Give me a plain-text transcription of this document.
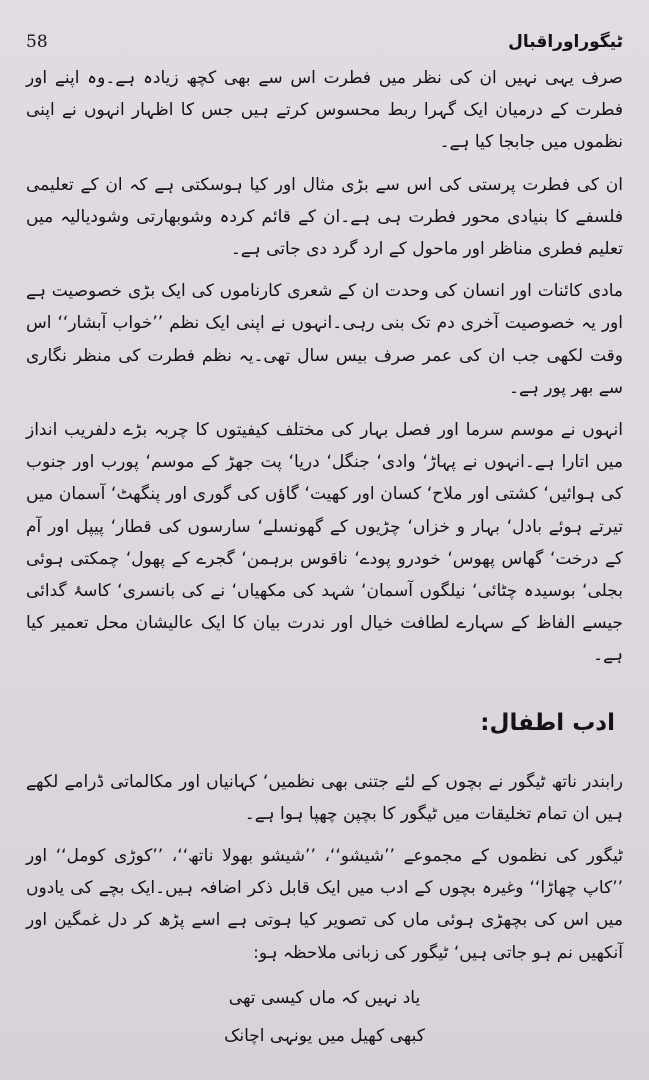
58	ٹیگوراوراقبال

صرف یہی نہیں ان کی نظر میں فطرت اس سے بھی کچھ زیادہ ہے۔وہ اپنے اور فطرت کے درمیان ایک گہرا ربط محسوس کرتے ہیں جس کا اظہار انہوں نے اپنی نظموں میں جابجا کیا ہے۔

ان کی فطرت پرستی کی اس سے بڑی مثال اور کیا ہوسکتی ہے کہ ان کے تعلیمی فلسفے کا بنیادی محور فطرت ہی ہے۔ان کے قائم کردہ وشوبھارتی وشودیالیہ میں تعلیم فطری مناظر اور ماحول کے ارد گرد دی جاتی ہے۔

مادی کائنات اور انسان کی وحدت ان کے شعری کارناموں کی ایک بڑی خصوصیت ہے اور یہ خصوصیت آخری دم تک بنی رہی۔انہوں نے اپنی ایک نظم ’’خواب آبشار‘‘ اس وقت لکھی جب ان کی عمر صرف بیس سال تھی۔یہ نظم فطرت کی منظر نگاری سے بھر پور ہے۔

انہوں نے موسم سرما اور فصل بہار کی مختلف کیفیتوں کا چربہ بڑے دلفریب انداز میں اتارا ہے۔انہوں نے پہاڑ‘ وادی‘ جنگل‘ دریا‘ پت جھڑ کے موسم‘ پورب اور جنوب کی ہوائیں‘ کشتی اور ملاح‘ کسان اور کھیت‘ گاؤں کی گوری اور پنگھٹ‘ آسمان میں تیرتے ہوئے بادل‘ بہار و خزاں‘ چڑیوں کے گھونسلے‘ سارسوں کی قطار‘ پیپل اور آم کے درخت‘ گھاس پھوس‘ خودرو پودے‘ ناقوس برہمن‘ گجرے کے پھول‘ چمکتی ہوئی بجلی‘ بوسیدہ چٹائی‘ نیلگوں آسمان‘ شہد کی مکھیاں‘ نے کی بانسری‘ کاسۂ گدائی جیسے الفاظ کے سہارے لطافت خیال اور ندرت بیان کا ایک عالیشان محل تعمیر کیا ہے۔

ادب اطفال:

رابندر ناتھ ٹیگور نے بچوں کے لئے جتنی بھی نظمیں‘ کہانیاں اور مکالماتی ڈرامے لکھے ہیں ان تمام تخلیقات میں ٹیگور کا بچپن چھپا ہوا ہے۔

ٹیگور کی نظموں کے مجموعے ’’شیشو‘‘، ’’شیشو بھولا ناتھ‘‘، ’’کوڑی کومل‘‘ اور ’’کاپ چھاڑا‘‘ وغیرہ بچوں کے ادب میں ایک قابل ذکر اضافہ ہیں۔ایک بچے کی یادوں میں اس کی بچھڑی ہوئی ماں کی تصویر کیا ہوتی ہے اسے پڑھ کر دل غمگین اور آنکھیں نم ہو جاتی ہیں‘ ٹیگور کی زبانی ملاحظہ ہو:

یاد نہیں کہ ماں کیسی تھی
کبھی کھیل میں یونہی اچانک
